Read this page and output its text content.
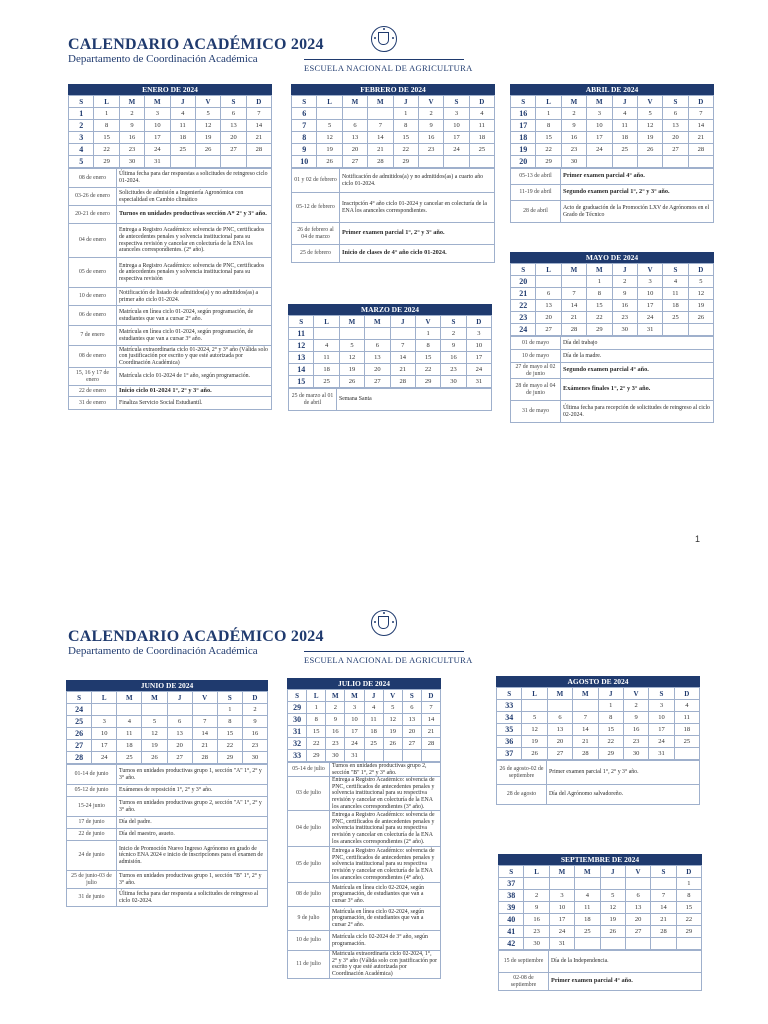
CALENDARIO ACADÉMICO 2024
Departamento de Coordinación Académica
ESCUELA NACIONAL DE AGRICULTURA
ENERO DE 2024
S	L	M	M	J	V	S	D
1	1	2	3	4	5	6	7
2	8	9	10	11	12	13	14
3	15	16	17	18	19	20	21
4	22	23	24	25	26	27	28
5	29	30	31				
08 de enero	Última fecha para dar respuestas a solicitudes de reingreso ciclo 01-2024.
03-26 de enero	Solicitudes de admisión a Ingeniería Agronómica con especialidad en Cambio climático
20-21 de enero	Turnos en unidades productivas sección A* 2° y 3° año.
04 de enero	Entrega a Registro Académico: solvencia de PNC, certificados de antecedentes penales y solvencia institucional para su respectiva revisión y cancelar en colecturía de la ENA los aranceles correspondientes. (2° año).
05 de enero	Entrega a Registro Académico: solvencia de PNC, certificados de antecedentes penales y solvencia institucional para su respectiva revisión
10 de enero	Notificación de listado de admitidos(a) y no admitidos(as) a primer año ciclo 01-2024.
06 de enero	Matrícula en línea ciclo 01-2024, según programación, de estudiantes que van a cursar 2° año.
7 de enero	Matrícula en línea ciclo 01-2024, según programación, de estudiantes que van a cursar 3° año.
08 de enero	Matrícula extraordinaria ciclo 01-2024, 2° y 3° año (Válida solo con justificación por escrito y que esté autorizada por Coordinación Académica)
15, 16 y 17 de enero	Matrícula ciclo 01-2024 de 1° año, según programación.
22 de enero	Inicio ciclo 01-2024 1°, 2° y 3° año.
31 de enero	Finaliza Servicio Social Estudiantil.
FEBRERO DE 2024
S	L	M	M	J	V	S	D
6				1	2	3	4
7	5	6	7	8	9	10	11
8	12	13	14	15	16	17	18
9	19	20	21	22	23	24	25
10	26	27	28	29			
01 y 02 de febrero	Notificación de admitidos(a) y no admitidos(as) a cuarto año ciclo 01-2024.
05-12 de febrero	Inscripción 4° año ciclo 01-2024 y cancelar en colecturía de la ENA los aranceles correspondientes.
26 de febrero al 04 de marzo	Primer examen parcial 1°, 2° y 3° año.
25 de febrero	Inicio de clases de 4° año ciclo 01-2024.
MARZO DE 2024
S	L	M	M	J	V	S	D
11					1	2	3
12	4	5	6	7	8	9	10
13	11	12	13	14	15	16	17
14	18	19	20	21	22	23	24
15	25	26	27	28	29	30	31
25 de marzo al 01 de abril	Semana Santa
ABRIL DE 2024
S	L	M	M	J	V	S	D
16	1	2	3	4	5	6	7
17	8	9	10	11	12	13	14
18	15	16	17	18	19	20	21
19	22	23	24	25	26	27	28
20	29	30					
05-13 de abril	Primer examen parcial 4° año.
11-19 de abril	Segundo examen parcial 1°, 2° y 3° año.
28 de abril	Acto de graduación de la Promoción LXV de Agrónomos en el Grado de Técnico
MAYO DE 2024
S	L	M	M	J	V	S	D
20			1	2	3	4	5
21	6	7	8	9	10	11	12
22	13	14	15	16	17	18	19
23	20	21	22	23	24	25	26
24	27	28	29	30	31		
01 de mayo	Día del trabajo
10 de mayo	Día de la madre.
27 de mayo al 02 de junio	Segundo examen parcial 4° año.
28 de mayo al 04 de junio	Exámenes finales 1°, 2° y 3° año.
31 de mayo	Última fecha para recepción de solicitudes de reingreso al ciclo 02-2024.
1
CALENDARIO ACADÉMICO 2024
Departamento de Coordinación Académica
ESCUELA NACIONAL DE AGRICULTURA
JUNIO DE 2024
S	L	M	M	J	V	S	D
24						1	2
25	3	4	5	6	7	8	9
26	10	11	12	13	14	15	16
27	17	18	19	20	21	22	23
28	24	25	26	27	28	29	30
01-14 de junio	Turnos en unidades productivas grupo 1, sección "A" 1°, 2° y 3° año.
05-12 de junio	Exámenes de reposición 1°, 2° y 3° año.
15-24 junio	Turnos en unidades productivas grupo 2, sección "A" 1°, 2° y 3° año.
17 de junio	Día del padre.
22 de junio	Día del maestro, asueto.
24 de junio	Inicio de Promoción Nuevo Ingreso Agrónomo en grado de técnico ENA 2024 e inicio de inscripciones para el examen de admisión.
25 de junio-03 de julio	Turnos en unidades productivas grupo 1, sección "B" 1°, 2° y 3° año.
31 de junio	Última fecha para dar respuesta a solicitudes de reingreso al ciclo 02-2024.
JULIO DE 2024
S	L	M	M	J	V	S	D
29	1	2	3	4	5	6	7
30	8	9	10	11	12	13	14
31	15	16	17	18	19	20	21
32	22	23	24	25	26	27	28
33	29	30	31				
05-14 de julio	Turnos en unidades productivas grupo 2, sección "B" 1°, 2° y 3° año.
03 de julio	Entrega a Registro Académico: solvencia de PNC, certificados de antecedentes penales y solvencia institucional para su respectiva revisión y cancelar en colecturía de la ENA los aranceles correspondientes (3° año).
04 de julio	Entrega a Registro Académico: solvencia de PNC, certificados de antecedentes penales y solvencia institucional para su respectiva revisión y cancelar en colecturía de la ENA los aranceles correspondientes (2° año).
05 de julio	Entrega a Registro Académico: solvencia de PNC, certificados de antecedentes penales y solvencia institucional para su respectiva revisión y cancelar en colecturía de la ENA los aranceles correspondientes (4° año).
08 de julio	Matrícula en línea ciclo 02-2024, según programación, de estudiantes que van a cursar 3° año.
9 de julio	Matrícula en línea ciclo 02-2024, según programación, de estudiantes que van a cursar 2° año.
10 de julio	Matrícula ciclo 02-2024 de 3° año, según programación.
11 de julio	Matrícula extraordinaria ciclo 02-2024, 1°, 2° y 3° año (Válida solo con justificación por escrito y que esté autorizada por Coordinación Académica)
AGOSTO DE 2024
S	L	M	M	J	V	S	D
33				1	2	3	4
34	5	6	7	8	9	10	11
35	12	13	14	15	16	17	18
36	19	20	21	22	23	24	25
37	26	27	28	29	30	31	
26 de agosto-02 de septiembre	Primer examen parcial 1°, 2° y 3° año.
28 de agosto	Día del Agrónomo salvadoreño.
SEPTIEMBRE DE 2024
S	L	M	M	J	V	S	D
37							1
38	2	3	4	5	6	7	8
39	9	10	11	12	13	14	15
40	16	17	18	19	20	21	22
41	23	24	25	26	27	28	29
42	30	31					
15 de septiembre	Día de la Independencia.
02-08 de septiembre	Primer examen parcial 4° año.
